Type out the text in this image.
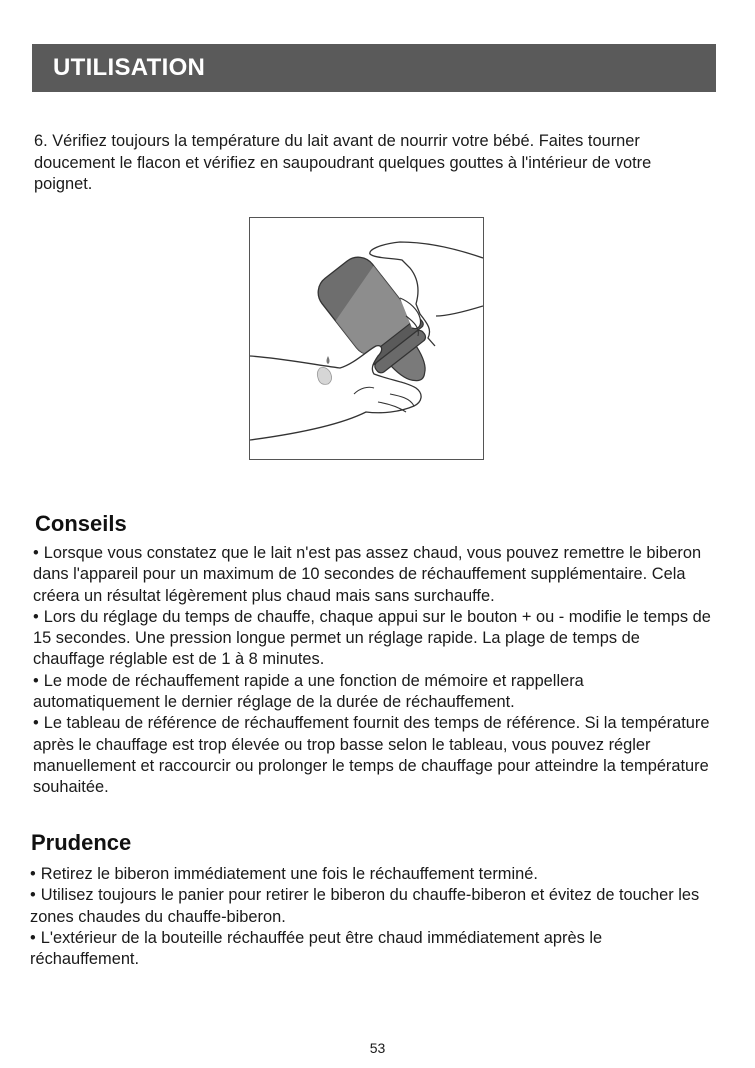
UTILISATION

6. Vérifiez toujours la température du lait avant de nourrir votre bébé. Faites tourner doucement le flacon et vérifiez en saupoudrant quelques gouttes à l'intérieur de votre poignet.

Conseils
• Lorsque vous constatez que le lait n'est pas assez chaud, vous pouvez remettre le biberon dans l'appareil pour un maximum de 10 secondes de réchauffement supplémentaire. Cela créera un résultat légèrement plus chaud mais sans surchauffe.
• Lors du réglage du temps de chauffe, chaque appui sur le bouton + ou - modifie le temps de 15 secondes. Une pression longue permet un réglage rapide. La plage de temps de chauffage réglable est de 1 à 8 minutes.
• Le mode de réchauffement rapide a une fonction de mémoire et rappellera automatiquement le dernier réglage de la durée de réchauffement.
• Le tableau de référence de réchauffement fournit des temps de référence. Si la température après le chauffage est trop élevée ou trop basse selon le tableau, vous pouvez régler manuellement et raccourcir ou prolonger le temps de chauffage pour atteindre la température souhaitée.
Prudence
• Retirez le biberon immédiatement une fois le réchauffement terminé.
• Utilisez toujours le panier pour retirer le biberon du chauffe-biberon et évitez de toucher les zones chaudes du chauffe-biberon.
• L'extérieur de la bouteille réchauffée peut être chaud immédiatement après le réchauffement.
53
